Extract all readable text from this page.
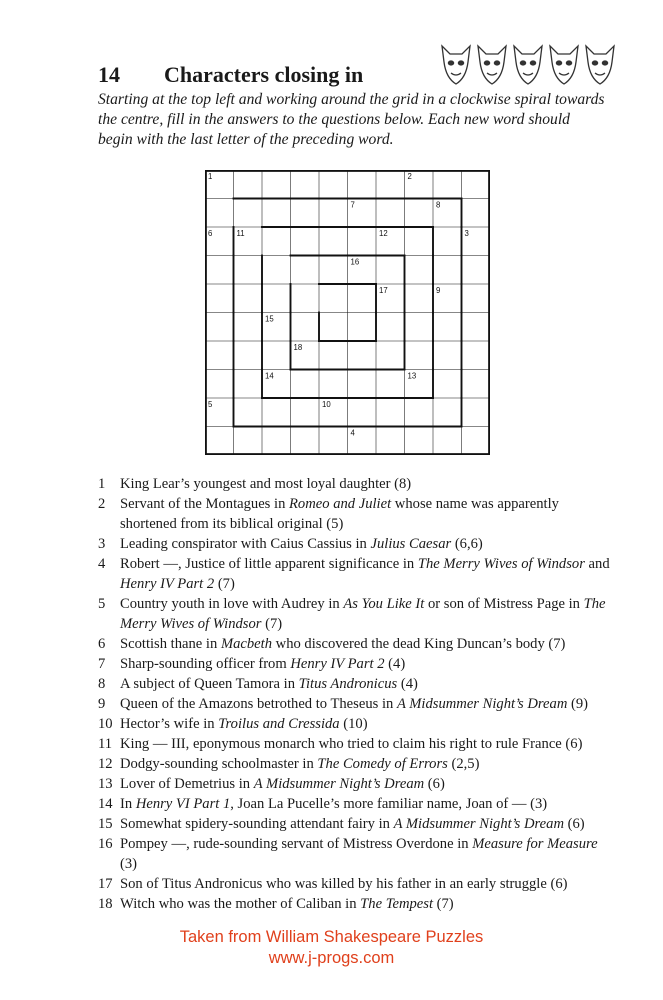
14 Characters closing in
Starting at the top left and working around the grid in a clockwise spiral towards the centre, fill in the answers to the questions below. Each new word should begin with the last letter of the preceding word.
1	2
7	8
6	11	12	3
16
17	9
15
18
14	13
5	10
4
1	King Lear’s youngest and most loyal daughter (8)
2	Servant of the Montagues in Romeo and Juliet whose name was apparently shortened from its biblical original (5)
3	Leading conspirator with Caius Cassius in Julius Caesar (6,6)
4	Robert —, Justice of little apparent significance in The Merry Wives of Windsor and Henry IV Part 2 (7)
5	Country youth in love with Audrey in As You Like It or son of Mistress Page in The Merry Wives of Windsor (7)
6	Scottish thane in Macbeth who discovered the dead King Duncan’s body (7)
7	Sharp-sounding officer from Henry IV Part 2 (4)
8	A subject of Queen Tamora in Titus Andronicus (4)
9	Queen of the Amazons betrothed to Theseus in A Midsummer Night’s Dream (9)
10 Hector’s wife in Troilus and Cressida (10)
11 King — III, eponymous monarch who tried to claim his right to rule France (6)
12 Dodgy-sounding schoolmaster in The Comedy of Errors (2,5)
13 Lover of Demetrius in A Midsummer Night’s Dream (6)
14 In Henry VI Part 1, Joan La Pucelle’s more familiar name, Joan of — (3)
15 Somewhat spidery-sounding attendant fairy in A Midsummer Night’s Dream (6)
16 Pompey —, rude-sounding servant of Mistress Overdone in Measure for Measure (3)
17 Son of Titus Andronicus who was killed by his father in an early struggle (6)
18 Witch who was the mother of Caliban in The Tempest (7)
Taken from William Shakespeare Puzzles
www.j-progs.com
